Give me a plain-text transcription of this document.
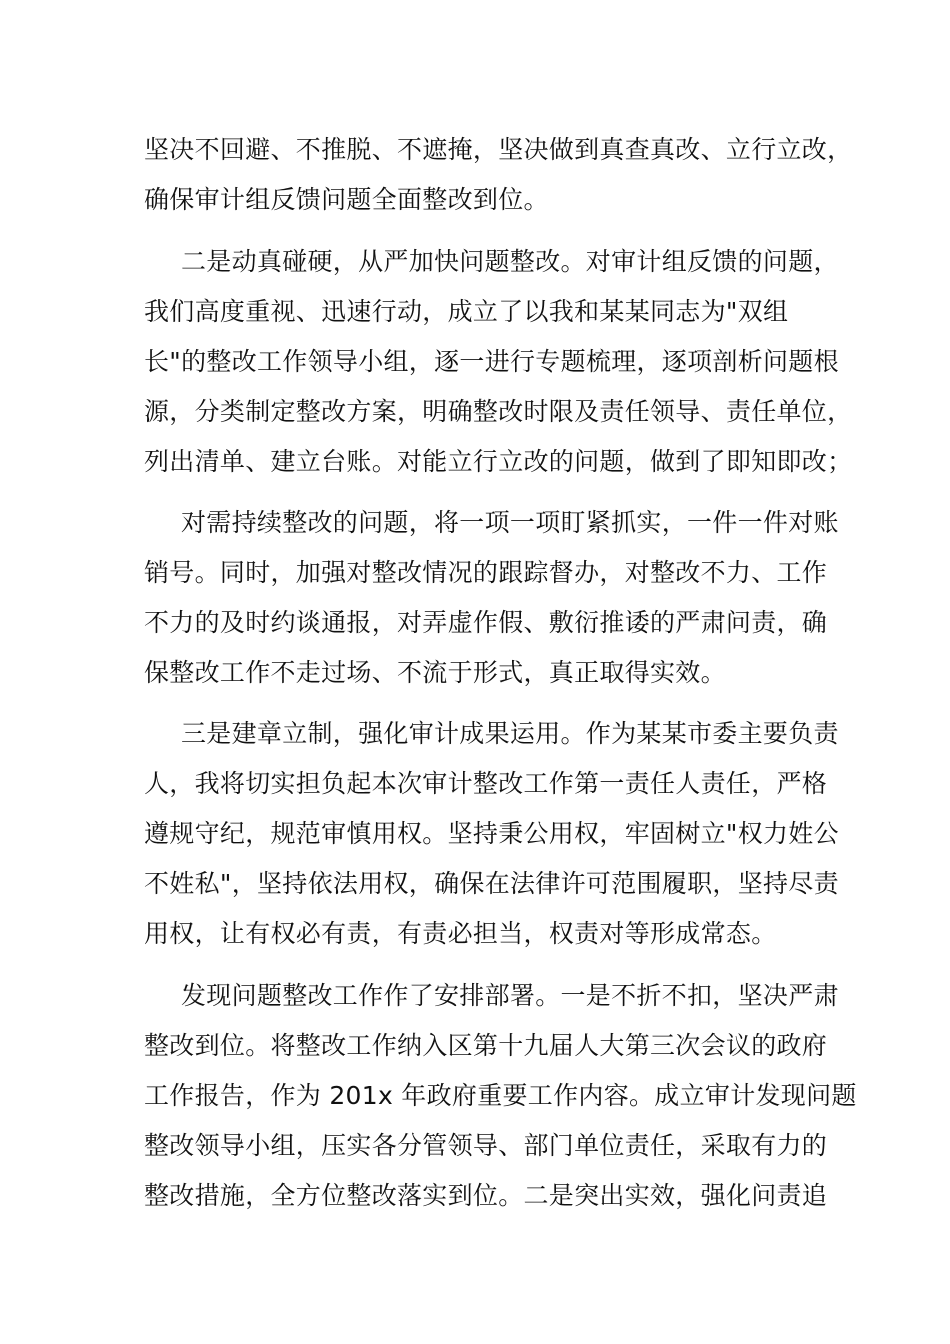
坚决不回避、不推脱、不遮掩，坚决做到真查真改、立行立改，
确保审计组反馈问题全面整改到位。
二是动真碰硬，从严加快问题整改。对审计组反馈的问题，
我们高度重视、迅速行动，成立了以我和某某同志为"双组
长"的整改工作领导小组，逐一进行专题梳理，逐项剖析问题根
源，分类制定整改方案，明确整改时限及责任领导、责任单位，
列出清单、建立台账。对能立行立改的问题，做到了即知即改；
对需持续整改的问题，将一项一项盯紧抓实，一件一件对账
销号。同时，加强对整改情况的跟踪督办，对整改不力、工作
不力的及时约谈通报，对弄虚作假、敷衍推诿的严肃问责，确
保整改工作不走过场、不流于形式，真正取得实效。
三是建章立制，强化审计成果运用。作为某某市委主要负责
人，我将切实担负起本次审计整改工作第一责任人责任，严格
遵规守纪，规范审慎用权。坚持秉公用权，牢固树立"权力姓公
不姓私"，坚持依法用权，确保在法律许可范围履职，坚持尽责
用权，让有权必有责，有责必担当，权责对等形成常态。
发现问题整改工作作了安排部署。一是不折不扣，坚决严肃
整改到位。将整改工作纳入区第十九届人大第三次会议的政府
工作报告，作为 201x 年政府重要工作内容。成立审计发现问题
整改领导小组，压实各分管领导、部门单位责任，采取有力的
整改措施，全方位整改落实到位。二是突出实效，强化问责追
